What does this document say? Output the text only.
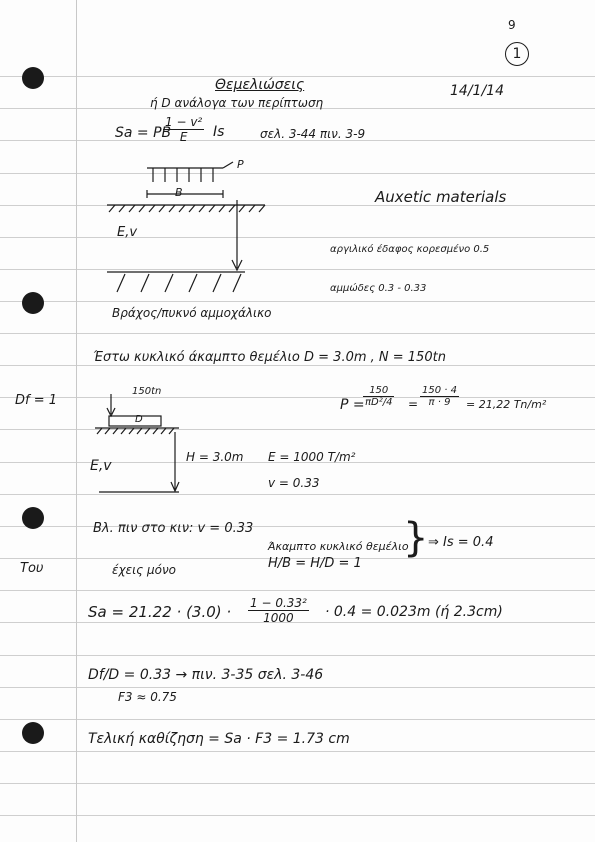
9
1
14/1/14
Θεμελιώσεις
ή D ανάλογα των περίπτωση
Sa = PB
$\frac{\text{1 − v²}}{E}$ Is	σελ. 3-44 πιν. 3-9
P
B
E,v
Βράχος/πυκνό αμμοχάλικο
Auxetic materials
αργιλικό έδαφος κορεσμένο 0.5
αμμώδες 0.3 - 0.33
Έστω κυκλικό άκαμπτο θεμέλιο D = 3.0m , N = 150tn
P =
$\frac{150}{\text{πD²/4}} = \frac{150 \cdot 4}{\pi \cdot 9} = 21,22$ Tn/m²
Df = 1
150tn
D
E,v
H = 3.0m E = 1000 T/m²
v = 0.33
Βλ. πιν στο κιν: v = 0.33
Άκαμπτο κυκλικό θεμέλιο
H/B = H/D = 1
} ⇒ Is = 0.4
Του	έχεις μόνο
$Sa = 21.22 \cdot (3.0) \cdot \frac{\text{1 − 0.33²}}{1000} \cdot 0.4 = 0.023m$ (ή 2.3cm)
Df/D = 0.33 → πιν. 3-35 σελ. 3-46
F3 ≈ 0.75
Τελική καθίζηση = Sa · F3 = 1.73 cm
